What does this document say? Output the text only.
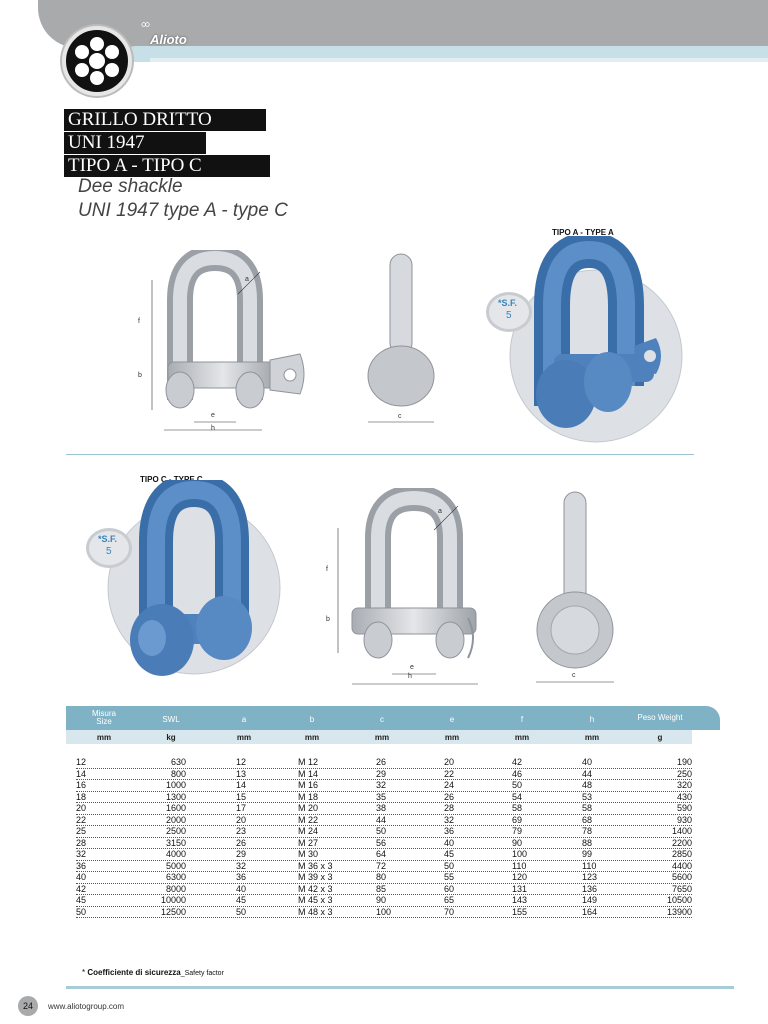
Alioto
GRILLO DRITTO
UNI 1947
TIPO A - TIPO C
Dee shackle
UNI 1947 type A - type C
a
f
b
e
h
c
TIPO A - TYPE A
*S.F.
5
TIPO C - TYPE C
*S.F.
5
a
f
b
e
h	c
Misura Size	SWL	a	b	c	e	f	h	Peso Weight
mm	kg	mm	mm	mm	mm	mm	mm	g
12	630	12	M 12	26	20	42	40	190
14	800	13	M 14	29	22	46	44	250
16	1000	14	M 16	32	24	50	48	320
18	1300	15	M 18	35	26	54	53	430
20	1600	17	M 20	38	28	58	58	590
22	2000	20	M 22	44	32	69	68	930
25	2500	23	M 24	50	36	79	78	1400
28	3150	26	M 27	56	40	90	88	2200
32	4000	29	M 30	64	45	100	99	2850
36	5000	32	M 36 x 3	72	50	110	110	4400
40	6300	36	M 39 x 3	80	55	120	123	5600
42	8000	40	M 42 x 3	85	60	131	136	7650
45	10000	45	M 45 x 3	90	65	143	149	10500
50	12500	50	M 48 x 3	100	70	155	164	13900
* Coefficiente di sicurezza_Safety factor
24	www.aliotogroup.com
